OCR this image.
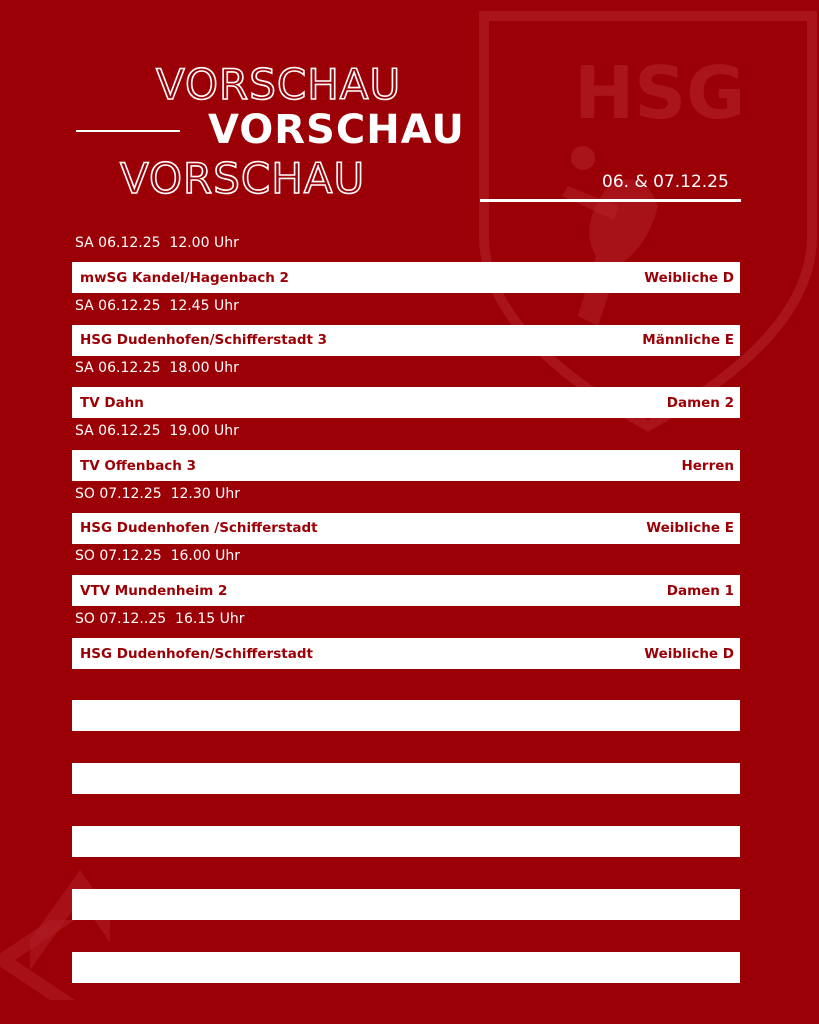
HSG
VORSCHAU
VORSCHAU
VORSCHAU	06. & 07.12.25
SA 06.12.25  12.00 Uhr
mwSG Kandel/Hagenbach 2	Weibliche D
SA 06.12.25  12.45 Uhr
HSG Dudenhofen/Schifferstadt 3	Männliche E
SA 06.12.25  18.00 Uhr
TV Dahn	Damen 2
SA 06.12.25  19.00 Uhr
TV Offenbach 3	Herren
SO 07.12.25  12.30 Uhr
HSG Dudenhofen /Schifferstadt	Weibliche E
SO 07.12.25  16.00 Uhr
VTV Mundenheim 2	Damen 1
SO 07.12..25  16.15 Uhr
HSG Dudenhofen/Schifferstadt	Weibliche D
